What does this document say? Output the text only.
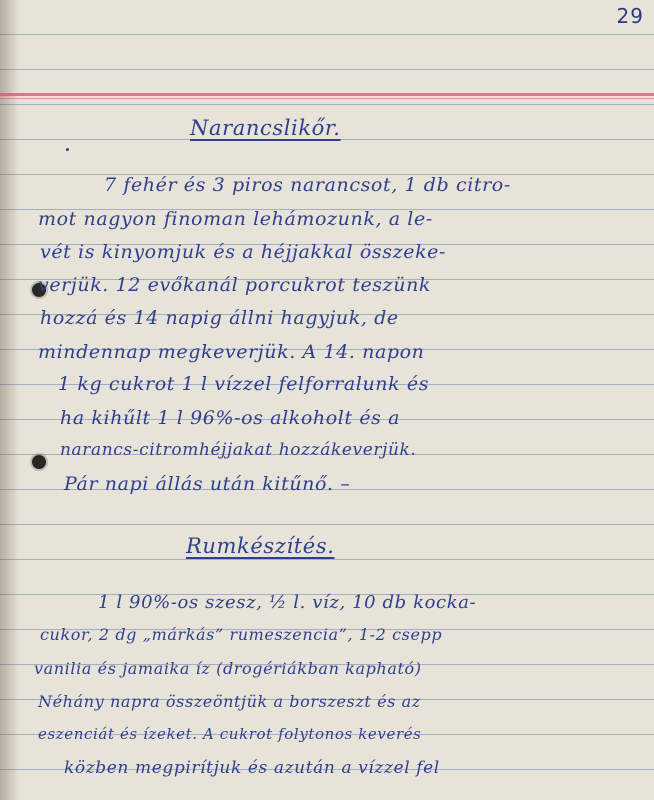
29

Narancslikőr.

7 fehér és 3 piros narancsot, 1 db citro-

mot nagyon finoman lehámozunk, a le-

vét is kinyomjuk és a héjjakkal összeke-

verjük. 12 evőkanál porcukrot teszünk

hozzá és 14 napig állni hagyjuk, de

mindennap megkeverjük. A 14. napon

1 kg cukrot 1 l vízzel felforralunk és

ha kihűlt 1 l 96%-os alkoholt és a

narancs-citromhéjjakat hozzákeverjük.

Pár napi állás után kitűnő. –

Rumkészítés.

1 l 90%-os szesz, ½ l. víz, 10 db kocka-

cukor, 2 dg „márkás” rumeszencia”, 1-2 csepp

vanilia és jamaika íz (drogériákban kapható)

Néhány napra összeöntjük a borszeszt és az

eszenciát és ízeket. A cukrot folytonos keverés

közben megpirítjuk és azután a vízzel fel
